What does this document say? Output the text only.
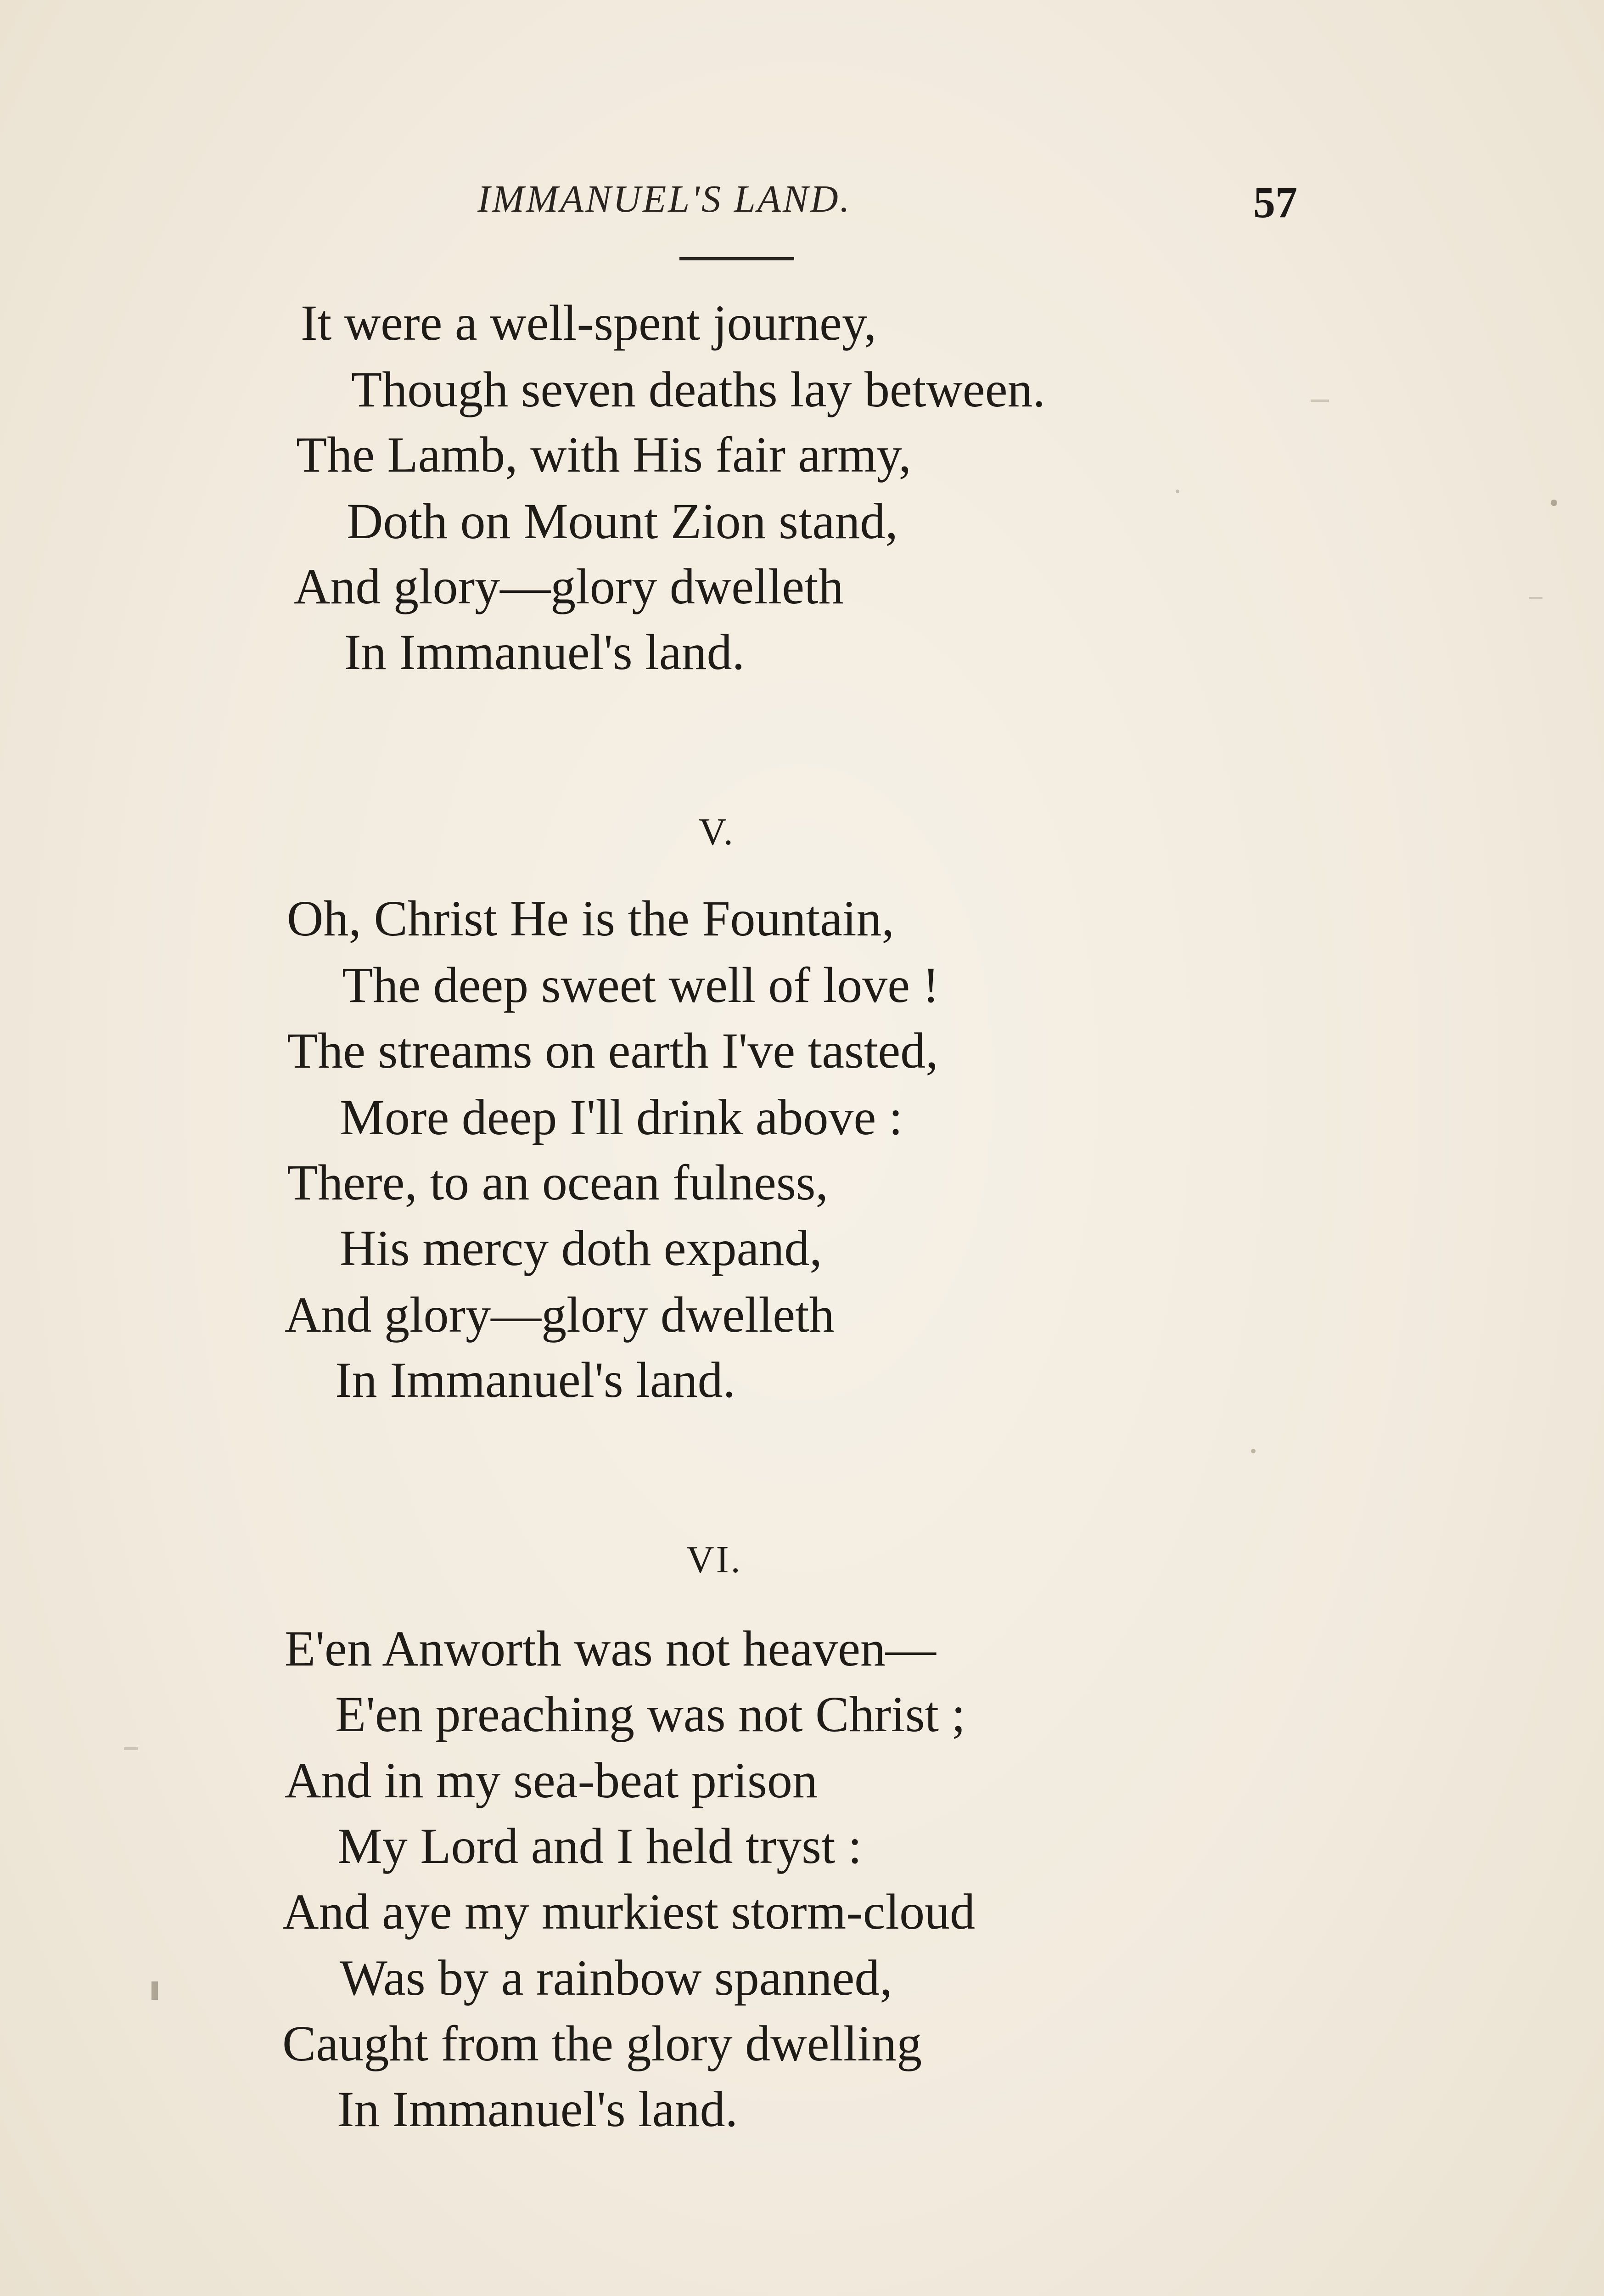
IMMANUEL'S LAND.	57
It were a well-spent journey,
Though seven deaths lay between.
The Lamb, with His fair army,
Doth on Mount Zion stand,
And glory—glory dwelleth
In Immanuel's land.
V.
Oh, Christ He is the Fountain,
The deep sweet well of love !
The streams on earth I've tasted,
More deep I'll drink above :
There, to an ocean fulness,
His mercy doth expand,
And glory—glory dwelleth
In Immanuel's land.
VI.
E'en Anworth was not heaven—
E'en preaching was not Christ ;
And in my sea-beat prison
My Lord and I held tryst :
And aye my murkiest storm-cloud
Was by a rainbow spanned,
Caught from the glory dwelling
In Immanuel's land.
